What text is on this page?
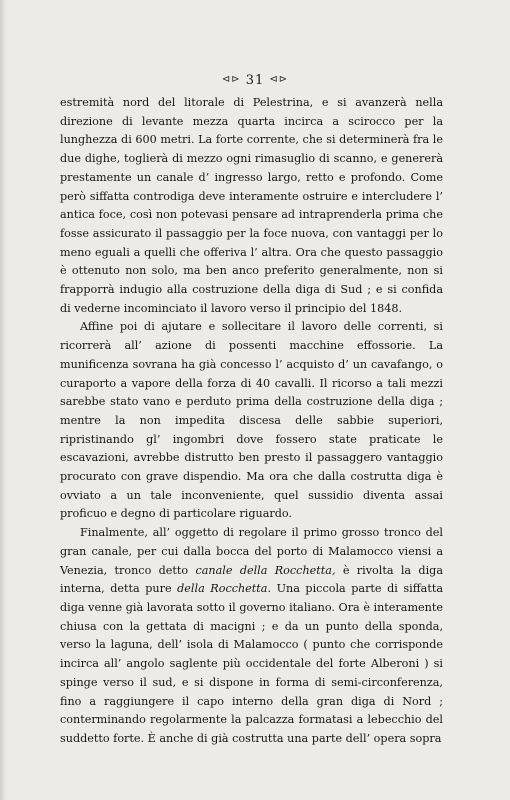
⊲⊳ 31 ⊲⊳

estremità nord del litorale di Pelestrina, e si avanzerà nella direzione di levante mezza quarta incirca a scirocco per la lunghezza di 600 metri. La forte corrente, che si determinerà fra le due dighe, toglierà di mezzo ogni rimasuglio di scanno, e genererà prestamente un canale d’ ingresso largo, retto e profondo. Come però siffatta controdiga deve interamente ostruire e intercludere l’ antica foce, così non potevasi pensare ad intraprenderla prima che fosse assicurato il passaggio per la foce nuova, con vantaggi per lo meno eguali a quelli che offeriva l’ altra. Ora che questo passaggio è ottenuto non solo, ma ben anco preferito generalmente, non si frapporrà indugio alla costruzione della diga di Sud ; e si confida di vederne incominciato il lavoro verso il principio del 1848.

Affine poi di ajutare e sollecitare il lavoro delle correnti, si ricorrerà all’ azione di possenti macchine effossorie. La munificenza sovrana ha già concesso l’ acquisto d’ un cavafango, o curaporto a vapore della forza di 40 cavalli. Il ricorso a tali mezzi sarebbe stato vano e perduto prima della costruzione della diga ; mentre la non impedita discesa delle sabbie superiori, ripristinando gl’ ingombri dove fossero state praticate le escavazioni, avrebbe distrutto ben presto il passaggero vantaggio procurato con grave dispendio. Ma ora che dalla costrutta diga è ovviato a un tale inconveniente, quel sussidio diventa assai proficuo e degno di particolare riguardo.

Finalmente, all’ oggetto di regolare il primo grosso tronco del gran canale, per cui dalla bocca del porto di Malamocco viensi a Venezia, tronco detto canale della Rocchetta, è rivolta la diga interna, detta pure della Rocchetta. Una piccola parte di siffatta diga venne già lavorata sotto il governo italiano. Ora è interamente chiusa con la gettata di macigni ; e da un punto della sponda, verso la laguna, dell’ isola di Malamocco ( punto che corrisponde incirca all’ angolo saglente più occidentale del forte Alberoni ) si spinge verso il sud, e si dispone in forma di semi-circonferenza, fino a raggiungere il capo interno della gran diga di Nord ; conterminando regolarmente la palcazza formatasi a lebecchio del suddetto forte. È anche di già costrutta una parte dell’ opera sopra
